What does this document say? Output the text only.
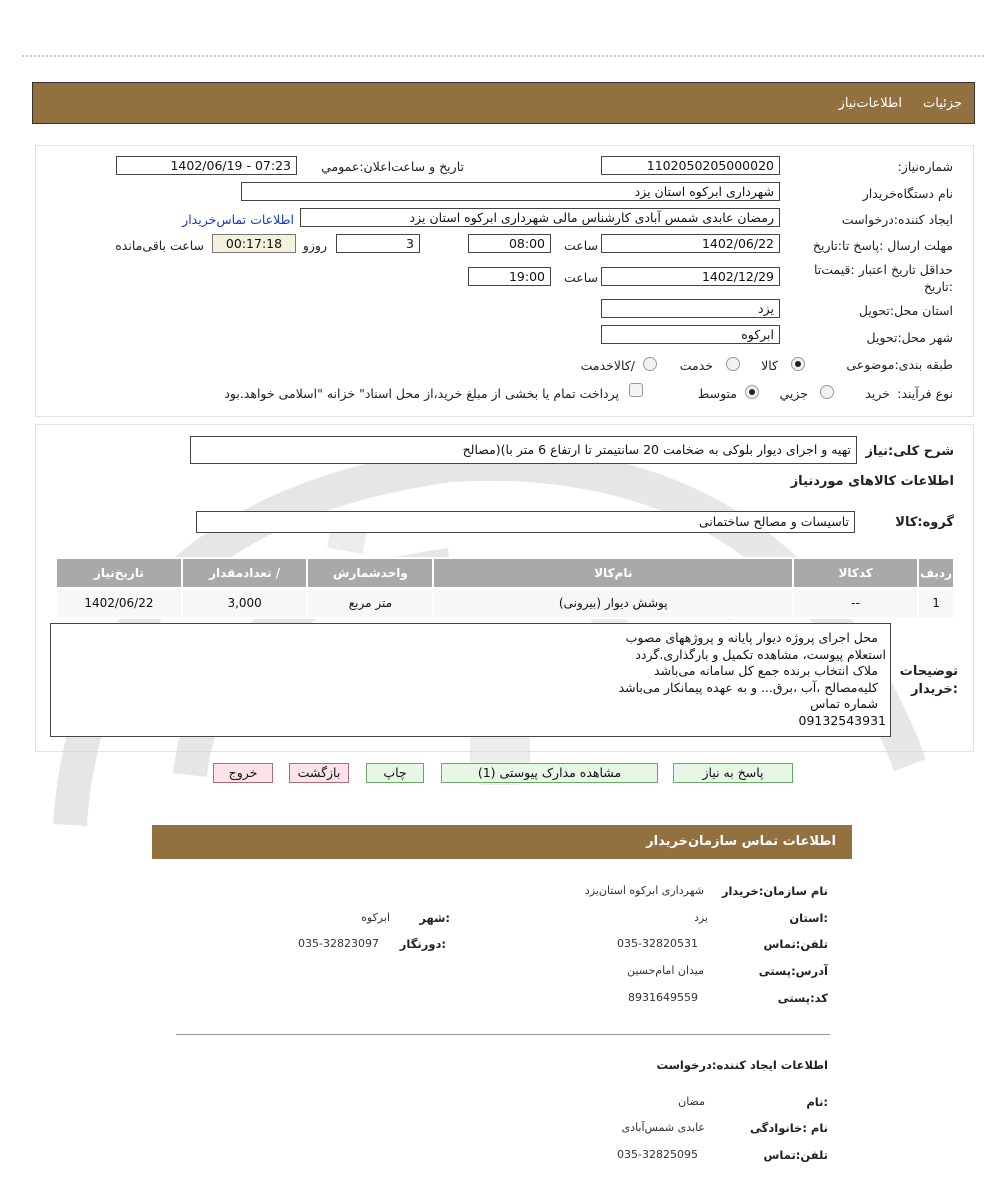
جزئیات
اطلاعات‌نیاز
شماره‌نیاز:
1102050205000020
تاریخ و ساعت‌اعلان:عمومي
1402/06/19 - 07:23
نام دستگاه‌خریدار
شهرداری ابرکوه استان یزد
ایجاد کننده:درخواست
رمضان عابدی شمس آبادی کارشناس مالی شهرداری ابرکوه استان یزد
اطلاعات تماس‌خریدار
مهلت ارسال :پاسخ تا:تاریخ
1402/06/22
ساعت
08:00
3
روزو
00:17:18
ساعت باقی‌مانده
حداقل تاریخ اعتبار :قیمت‌تا
:تاریخ
1402/12/29
ساعت
19:00
استان محل:تحویل
یزد
شهر محل:تحویل
ابرکوه
طبقه بندی:موضوعی
کالا
خدمت
/کالاخدمت
نوع فرآیند:
خرید
جزيي
متوسط
پرداخت تمام یا بخشی از مبلغ خرید،از محل اسناد" خزانه "اسلامی خواهد.بود
شرح کلی:نیاز
تهیه و اجرای دیوار بلوکی به ضخامت 20 سانتیمتر تا ارتفاع 6 متر با)(مصالح
اطلاعات کالاهای موردنیاز
گروه:کالا
تاسیسات و مصالح ساختمانی
ردیف	کدکالا	نام‌کالا	واحدشمارش	/ تعدادمقدار	تاریخ‌نیاز
1	--	پوشش دیوار (بیرونی)	متر مربع	3,000	1402/06/22
توضیحات
:خریدار
محل اجرای پروژه دیوار پایانه و پروژههای مصوب
استعلام پیوست، مشاهده تکمیل و بارگذاری.گردد
ملاک انتخاب برنده جمع کل سامانه می‌باشد
کلیه‌مصالح ،آب ،برق... و به عهده پیمانکار می‌باشد
شماره تماس
09132543931
پاسخ به نیاز
مشاهده مدارک پیوستی (1)
چاپ
بازگشت
خروج
اطلاعات تماس سازمان‌خریدار
نام سازمان:خریدار
شهرداری ابرکوه استان‌یزد
:استان
یزد
:شهر
ابرکوه
تلفن:تماس
035-32820531
:دورنگار
035-32823097
آدرس:پستی
میدان امام‌حسین
کد:پستی
8931649559
اطلاعات ایجاد کننده:درخواست
:نام
مضان
نام :خانوادگی
عابدی شمس‌آبادی
تلفن:تماس
035-32825095
